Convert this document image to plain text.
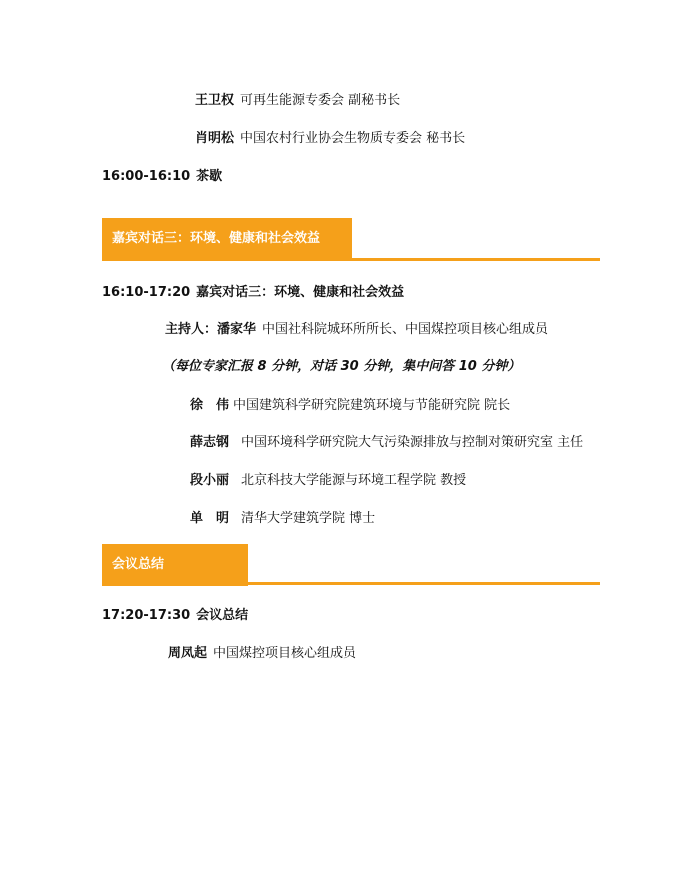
王卫权 可再生能源专委会 副秘书长
肖明松 中国农村行业协会生物质专委会 秘书长
16:00-16:10 茶歇
嘉宾对话三：环境、健康和社会效益
16:10-17:20 嘉宾对话三：环境、健康和社会效益
主持人：潘家华 中国社科院城环所所长、中国煤控项目核心组成员
（每位专家汇报 8 分钟，对话 30 分钟，集中问答 10 分钟）
徐　伟 中国建筑科学研究院建筑环境与节能研究院 院长
薛志钢 中国环境科学研究院大气污染源排放与控制对策研究室 主任
段小丽 北京科技大学能源与环境工程学院 教授
单　明 清华大学建筑学院 博士
会议总结
17:20-17:30 会议总结
周凤起 中国煤控项目核心组成员
